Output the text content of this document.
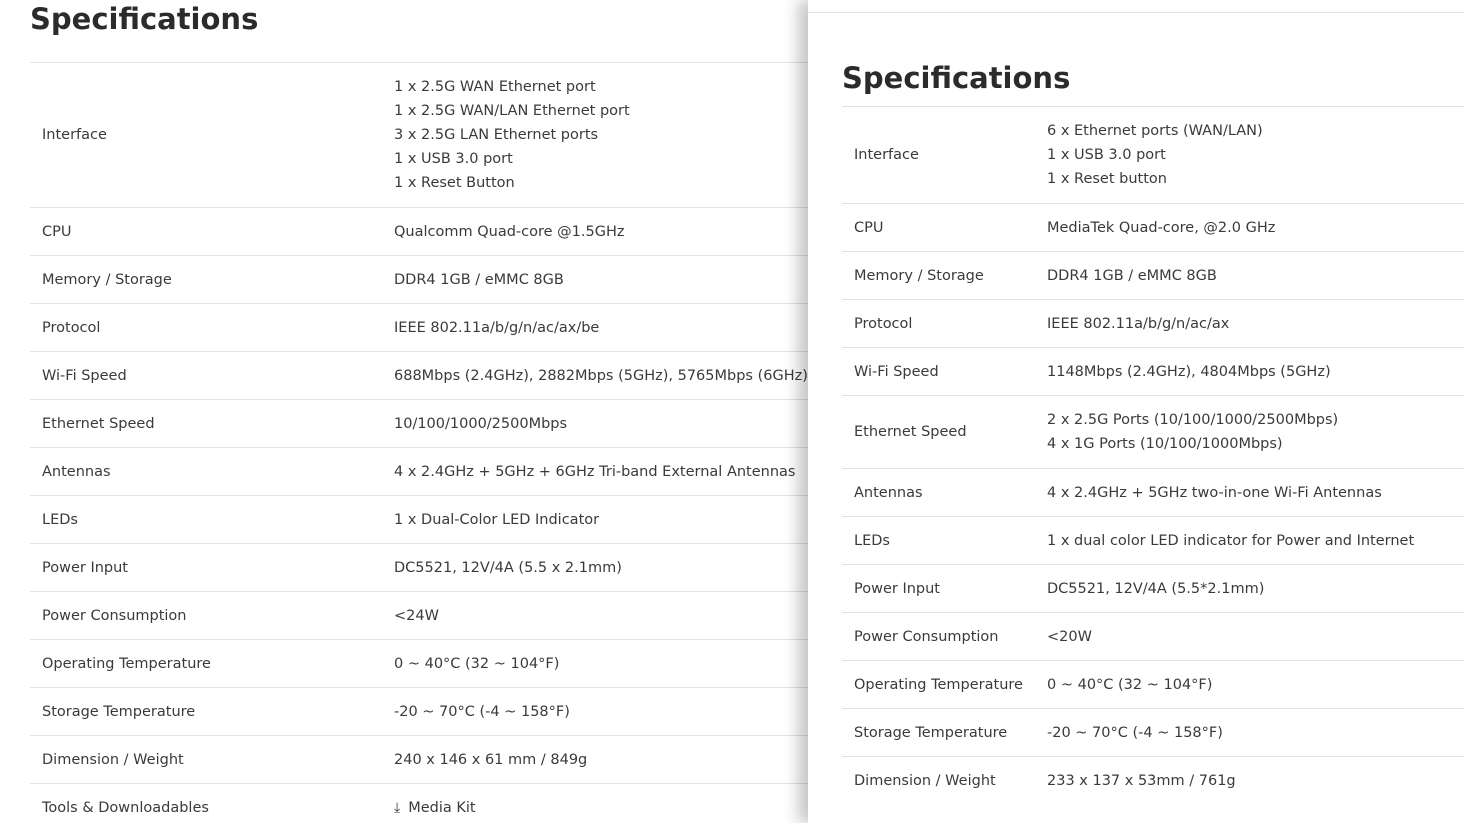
Specifications
Interface	1 x 2.5G WAN Ethernet port
1 x 2.5G WAN/LAN Ethernet port
3 x 2.5G LAN Ethernet ports
1 x USB 3.0 port
1 x Reset Button

CPU	Qualcomm Quad-core @1.5GHz

Memory / Storage	DDR4 1GB / eMMC 8GB

Protocol	IEEE 802.11a/b/g/n/ac/ax/be

Wi-Fi Speed	688Mbps (2.4GHz), 2882Mbps (5GHz), 5765Mbps (6GHz)

Ethernet Speed	10/100/1000/2500Mbps

Antennas	4 x 2.4GHz + 5GHz + 6GHz Tri-band External Antennas

LEDs	1 x Dual-Color LED Indicator

Power Input	DC5521, 12V/4A (5.5 x 2.1mm)

Power Consumption	<24W

Operating Temperature	0 ~ 40°C (32 ~ 104°F)

Storage Temperature	-20 ~ 70°C (-4 ~ 158°F)

Dimension / Weight	240 x 146 x 61 mm / 849g

Tools & Downloadables	⤓ Media Kit
Specifications
Interface	6 x Ethernet ports (WAN/LAN)
1 x USB 3.0 port
1 x Reset button

CPU	MediaTek Quad-core, @2.0 GHz

Memory / Storage	DDR4 1GB / eMMC 8GB

Protocol	IEEE 802.11a/b/g/n/ac/ax

Wi-Fi Speed	1148Mbps (2.4GHz), 4804Mbps (5GHz)

Ethernet Speed	2 x 2.5G Ports (10/100/1000/2500Mbps)
4 x 1G Ports (10/100/1000Mbps)

Antennas	4 x 2.4GHz + 5GHz two-in-one Wi-Fi Antennas

LEDs	1 x dual color LED indicator for Power and Internet

Power Input	DC5521, 12V/4A (5.5*2.1mm)

Power Consumption	<20W

Operating Temperature	0 ~ 40°C (32 ~ 104°F)

Storage Temperature	-20 ~ 70°C (-4 ~ 158°F)

Dimension / Weight	233 x 137 x 53mm / 761g
